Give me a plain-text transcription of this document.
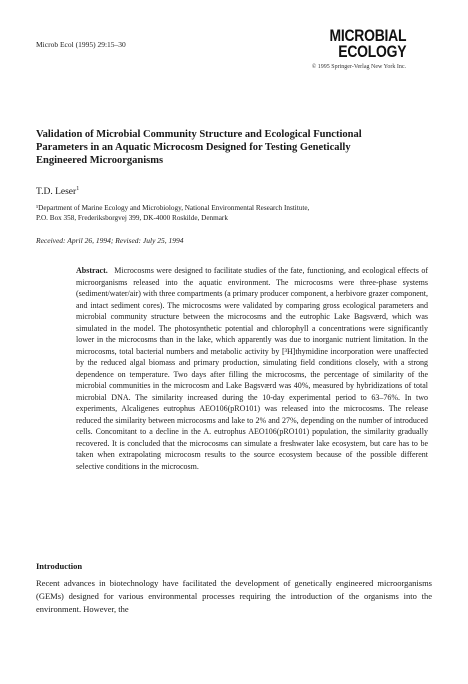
Microb Ecol (1995) 29:15–30	MICROBIAL
ECOLOGY
© 1995 Springer-Verlag New York Inc.
Validation of Microbial Community Structure and Ecological Functional Parameters in an Aquatic Microcosm Designed for Testing Genetically Engineered Microorganisms
T.D. Leser$^1$
¹Department of Marine Ecology and Microbiology, National Environmental Research Institute,
P.O. Box 358, Frederiksborgvej 399, DK-4000 Roskilde, Denmark
Received: April 26, 1994; Revised: July 25, 1994
Abstract. Microcosms were designed to facilitate studies of the fate, functioning, and ecological effects of microorganisms released into the aquatic environment. The microcosms were three-phase systems (sediment/water/air) with three compartments (a primary producer component, a herbivore grazer component, and intact sediment cores). The microcosms were validated by comparing gross ecological parameters and microbial community structure between the microcosms and the eutrophic Lake Bagsværd, which was simulated in the model. The photosynthetic potential and chlorophyll a concentrations were significantly lower in the microcosms than in the lake, which apparently was due to inorganic nutrient limitation. In the microcosms, total bacterial numbers and metabolic activity by [³H]thymidine incorporation were unaffected by the reduced algal biomass and primary production, simulating field conditions closely, with a strong dependence on temperature. Two days after filling the microcosms, the percentage of similarity of the microbial communities in the microcosm and Lake Bagsværd was 40%, measured by hybridizations of total microbial DNA. The similarity increased during the 10-day experimental period to 63–76%. In two experiments, Alcaligenes eutrophus AEO106(pRO101) was released into the microcosms. The release reduced the similarity between microcosms and lake to 2% and 27%, depending on the number of introduced cells. Concomitant to a decline in the A. eutrophus AEO106(pRO101) population, the similarity gradually recovered. It is concluded that the microcosms can simulate a freshwater lake ecosystem, but care has to be taken when extrapolating microcosm results to the source ecosystem because of the possible different selective conditions in the microcosm.
Introduction
Recent advances in biotechnology have facilitated the development of genetically engineered microorganisms (GEMs) designed for various environmental processes requiring the introduction of the organisms into the environment. However, the
